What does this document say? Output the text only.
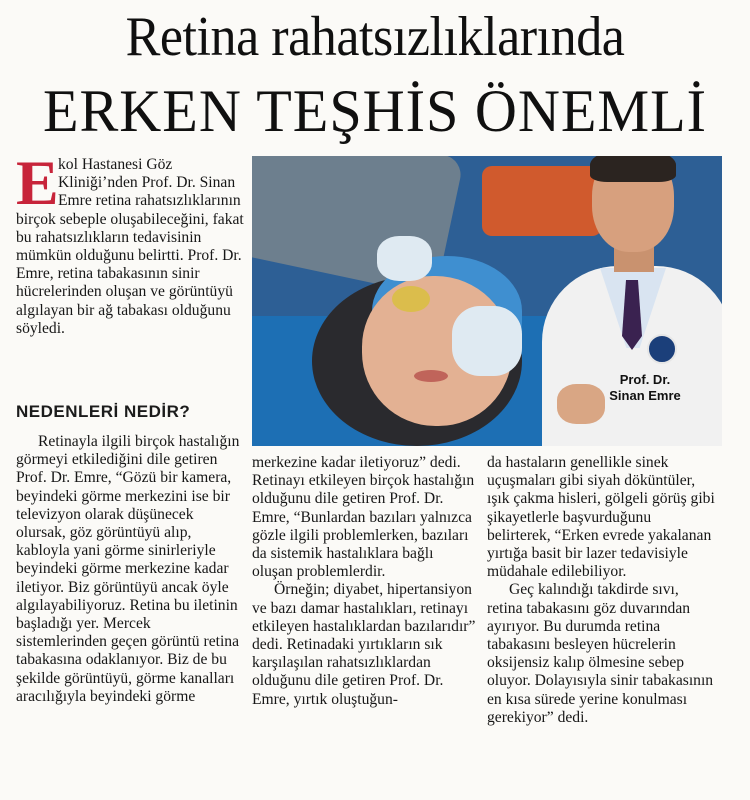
Retina rahatsızlıklarında
ERKEN TEŞHİS ÖNEMLİ
E kol Hastanesi Göz Kliniği’nden Prof. Dr. Sinan Emre retina rahatsızlıklarının birçok sebeple oluşabileceğini, fakat bu rahatsızlıkların tedavisinin mümkün olduğunu belirtti. Prof. Dr. Emre, retina tabakasının sinir hücrelerinden oluşan ve görüntüyü algılayan bir ağ tabakası olduğunu söyledi.
NEDENLERİ NEDİR?

Retinayla ilgili birçok hastalığın görmeyi etkilediğini dile getiren Prof. Dr. Emre, “Gözü bir kamera, beyindeki görme merkezini ise bir televizyon olarak düşünecek olursak, göz görüntüyü alıp, kabloyla yani görme sinirleriyle beyindeki görme merkezine kadar iletiyor. Biz görüntüyü ancak öyle algılayabiliyoruz. Retina bu iletinin başladığı yer. Mercek sistemlerinden geçen görüntü retina tabakasına odaklanıyor. Biz de bu şekilde görüntüyü, görme kanalları aracılığıyla beyindeki görme

merkezine kadar iletiyoruz” dedi. Retinayı etkileyen birçok hastalığın olduğunu dile getiren Prof. Dr. Emre, “Bunlardan bazıları yalnızca gözle ilgili problemlerken, bazıları da sistemik hastalıklara bağlı oluşan problemlerdir.

Örneğin; diyabet, hipertansiyon ve bazı damar hastalıkları, retinayı etkileyen hastalıklardan bazılarıdır” dedi. Retinadaki yırtıkların sık karşılaşılan rahatsızlıklardan olduğunu dile getiren Prof. Dr. Emre, yırtık oluştuğun-

da hastaların genellikle sinek uçuşmaları gibi siyah döküntüler, ışık çakma hisleri, gölgeli görüş gibi şikayetlerle başvurduğunu belirterek, “Erken evrede yakalanan yırtığa basit bir lazer tedavisiyle müdahale edilebiliyor.

Geç kalındığı takdirde sıvı, retina tabakasını göz duvarından ayırıyor. Bu durumda retina tabakasını besleyen hücrelerin oksijensiz kalıp ölmesine sebep oluyor. Dolayısıyla sinir tabakasının en kısa sürede yerine konulması gerekiyor” dedi.

Prof. Dr. Sinan Emre
